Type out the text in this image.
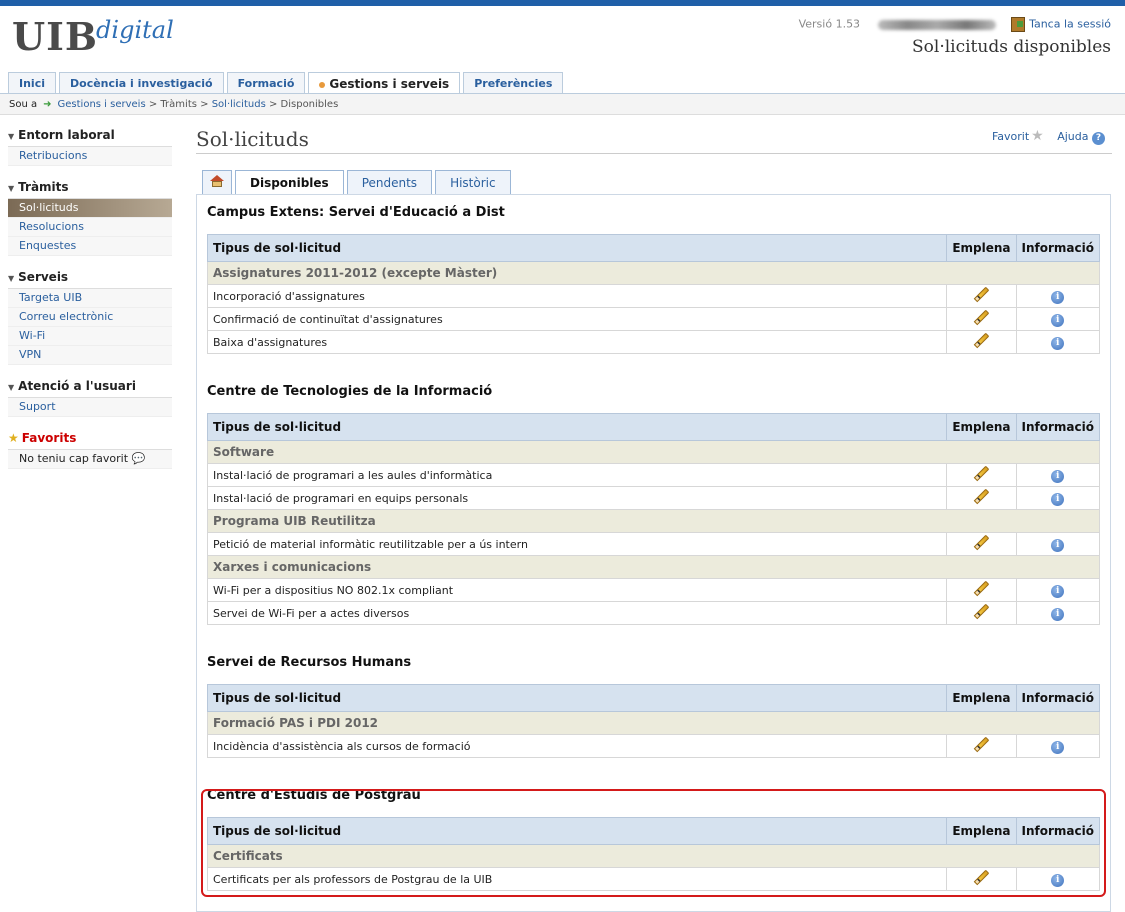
UIBdigital	Versió 1.53	Tanca la sessió
Sol·licituds disponibles
Inici	Docència i investigació	Formació	Gestions i serveis	Preferències
Sou a ➜ Gestions i serveis > Tràmits > Sol·licituds > Disponibles
▼ Entorn laboral
Retribucions
▼ Tràmits
Sol·licituds
Resolucions
Enquestes
▼ Serveis
Targeta UIB
Correu electrònic
Wi-Fi
VPN
▼ Atenció a l'usuari
Suport
★ Favorits
No teniu cap favorit 💬
Sol·licituds	Favorit ★ Ajuda ?
Disponibles	Pendents	Històric
Campus Extens: Servei d'Educació a Dist
Tipus de sol·licitud	Emplena	Informació
Assignatures 2011-2012 (excepte Màster)		
Incorporació d'assignatures		i
Confirmació de continuïtat d'assignatures		i
Baixa d'assignatures		i
Centre de Tecnologies de la Informació
Tipus de sol·licitud	Emplena	Informació
Software		
Instal·lació de programari a les aules d'informàtica		i
Instal·lació de programari en equips personals		i
Programa UIB Reutilitza		
Petició de material informàtic reutilitzable per a ús intern		i
Xarxes i comunicacions		
Wi-Fi per a dispositius NO 802.1x compliant		i
Servei de Wi-Fi per a actes diversos		i
Servei de Recursos Humans
Tipus de sol·licitud	Emplena	Informació
Formació PAS i PDI 2012		
Incidència d'assistència als cursos de formació		i
Centre d'Estudis de Postgrau
Tipus de sol·licitud	Emplena	Informació
Certificats		
Certificats per als professors de Postgrau de la UIB		i
